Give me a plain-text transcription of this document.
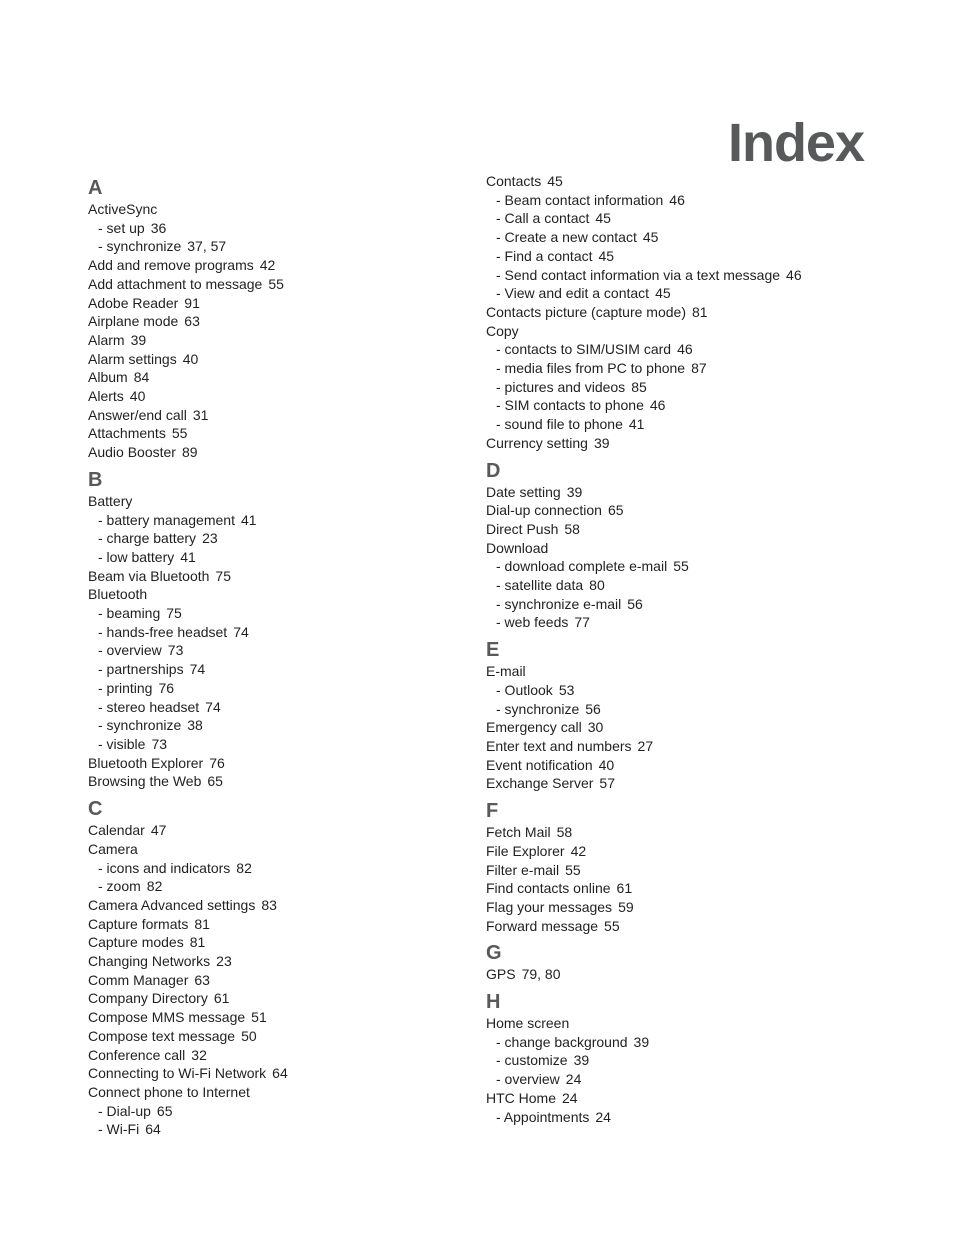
Index
A
ActiveSync
- set up 36
- synchronize 37, 57
Add and remove programs 42
Add attachment to message 55
Adobe Reader 91
Airplane mode 63
Alarm 39
Alarm settings 40
Album 84
Alerts 40
Answer/end call 31
Attachments 55
Audio Booster 89
B
Battery
- battery management 41
- charge battery 23
- low battery 41
Beam via Bluetooth 75
Bluetooth
- beaming 75
- hands-free headset 74
- overview 73
- partnerships 74
- printing 76
- stereo headset 74
- synchronize 38
- visible 73
Bluetooth Explorer 76
Browsing the Web 65
C
Calendar 47
Camera
- icons and indicators 82
- zoom 82
Camera Advanced settings 83
Capture formats 81
Capture modes 81
Changing Networks 23
Comm Manager 63
Company Directory 61
Compose MMS message 51
Compose text message 50
Conference call 32
Connecting to Wi-Fi Network 64
Connect phone to Internet
- Dial-up 65
- Wi-Fi 64
Contacts 45
- Beam contact information 46
- Call a contact 45
- Create a new contact 45
- Find a contact 45
- Send contact information via a text message 46
- View and edit a contact 45
Contacts picture (capture mode) 81
Copy
- contacts to SIM/USIM card 46
- media files from PC to phone 87
- pictures and videos 85
- SIM contacts to phone 46
- sound file to phone 41
Currency setting 39
D
Date setting 39
Dial-up connection 65
Direct Push 58
Download
- download complete e-mail 55
- satellite data 80
- synchronize e-mail 56
- web feeds 77
E
E-mail
- Outlook 53
- synchronize 56
Emergency call 30
Enter text and numbers 27
Event notification 40
Exchange Server 57
F
Fetch Mail 58
File Explorer 42
Filter e-mail 55
Find contacts online 61
Flag your messages 59
Forward message 55
G
GPS 79, 80
H
Home screen
- change background 39
- customize 39
- overview 24
HTC Home 24
- Appointments 24
